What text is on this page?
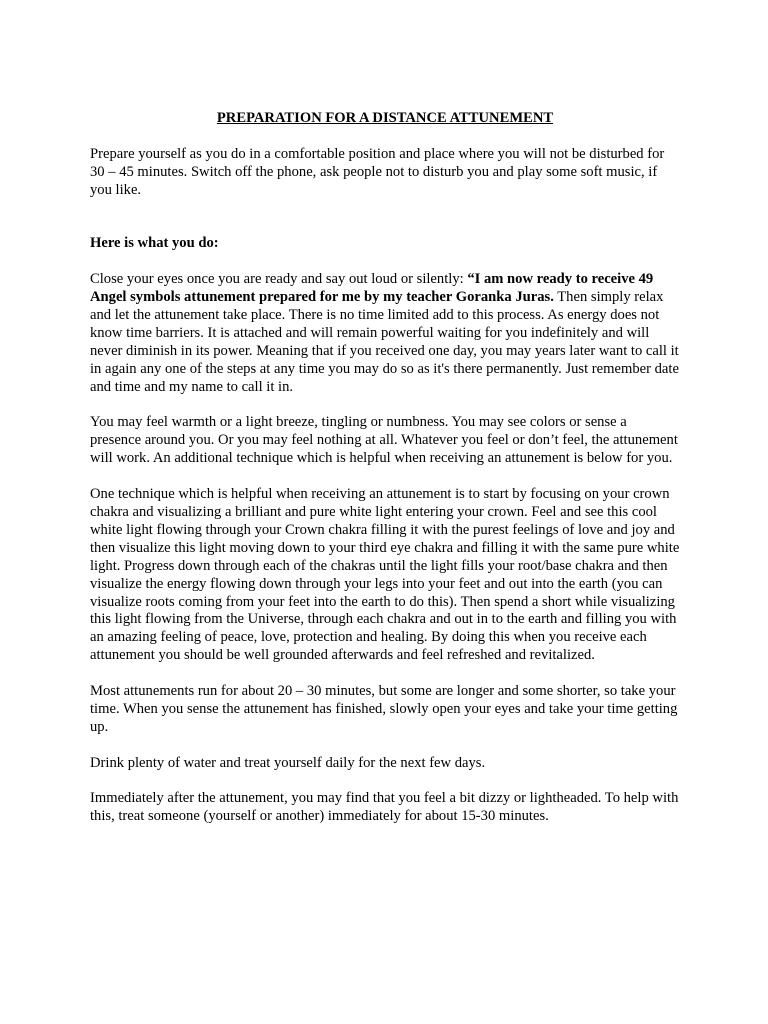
PREPARATION FOR A DISTANCE ATTUNEMENT

Prepare yourself as you do in a comfortable position and place where you will not be disturbed for 30 – 45 minutes. Switch off the phone, ask people not to disturb you and play some soft music, if you like.

Here is what you do:

Close your eyes once you are ready and say out loud or silently: “I am now ready to receive 49 Angel symbols attunement prepared for me by my teacher Goranka Juras. Then simply relax and let the attunement take place. There is no time limited add to this process. As energy does not know time barriers. It is attached and will remain powerful waiting for you indefinitely and will never diminish in its power. Meaning that if you received one day, you may years later want to call it in again any one of the steps at any time you may do so as it's there permanently. Just remember date and time and my name to call it in.

You may feel warmth or a light breeze, tingling or numbness. You may see colors or sense a presence around you. Or you may feel nothing at all. Whatever you feel or don’t feel, the attunement will work. An additional technique which is helpful when receiving an attunement is below for you.

One technique which is helpful when receiving an attunement is to start by focusing on your crown chakra and visualizing a brilliant and pure white light entering your crown. Feel and see this cool white light flowing through your Crown chakra filling it with the purest feelings of love and joy and then visualize this light moving down to your third eye chakra and filling it with the same pure white light. Progress down through each of the chakras until the light fills your root/base chakra and then visualize the energy flowing down through your legs into your feet and out into the earth (you can visualize roots coming from your feet into the earth to do this). Then spend a short while visualizing this light flowing from the Universe, through each chakra and out in to the earth and filling you with an amazing feeling of peace, love, protection and healing. By doing this when you receive each attunement you should be well grounded afterwards and feel refreshed and revitalized.

Most attunements run for about 20 – 30 minutes, but some are longer and some shorter, so take your time. When you sense the attunement has finished, slowly open your eyes and take your time getting up.

Drink plenty of water and treat yourself daily for the next few days.

Immediately after the attunement, you may find that you feel a bit dizzy or lightheaded. To help with this, treat someone (yourself or another) immediately for about 15-30 minutes.
